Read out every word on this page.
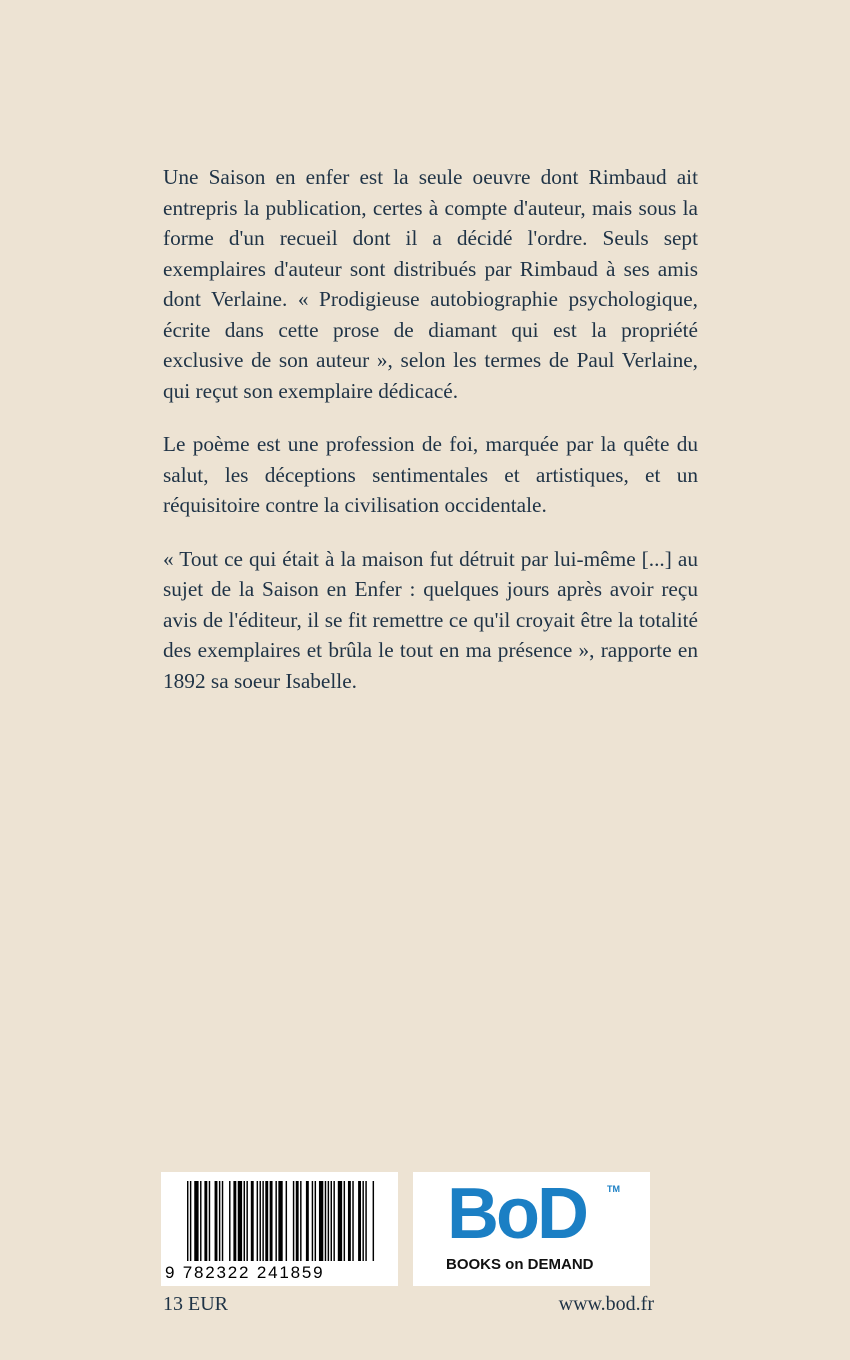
Une Saison en enfer est la seule oeuvre dont Rimbaud ait entrepris la publication, certes à compte d'auteur, mais sous la forme d'un recueil dont il a décidé l'ordre. Seuls sept exemplaires d'auteur sont distribués par Rimbaud à ses amis dont Verlaine. « Prodigieuse autobiographie psychologique, écrite dans cette prose de diamant qui est la propriété exclusive de son auteur », selon les termes de Paul Verlaine, qui reçut son exemplaire dédicacé.

Le poème est une profession de foi, marquée par la quête du salut, les déceptions sentimentales et artistiques, et un réquisitoire contre la civilisation occidentale.

« Tout ce qui était à la maison fut détruit par lui-même [...] au sujet de la Saison en Enfer : quelques jours après avoir reçu avis de l'éditeur, il se fit remettre ce qu'il croyait être la totalité des exemplaires et brûla le tout en ma présence », rapporte en 1892 sa soeur Isabelle.

9 782322 241859
BoD TM
BOOKS on DEMAND
13 EUR	www.bod.fr
